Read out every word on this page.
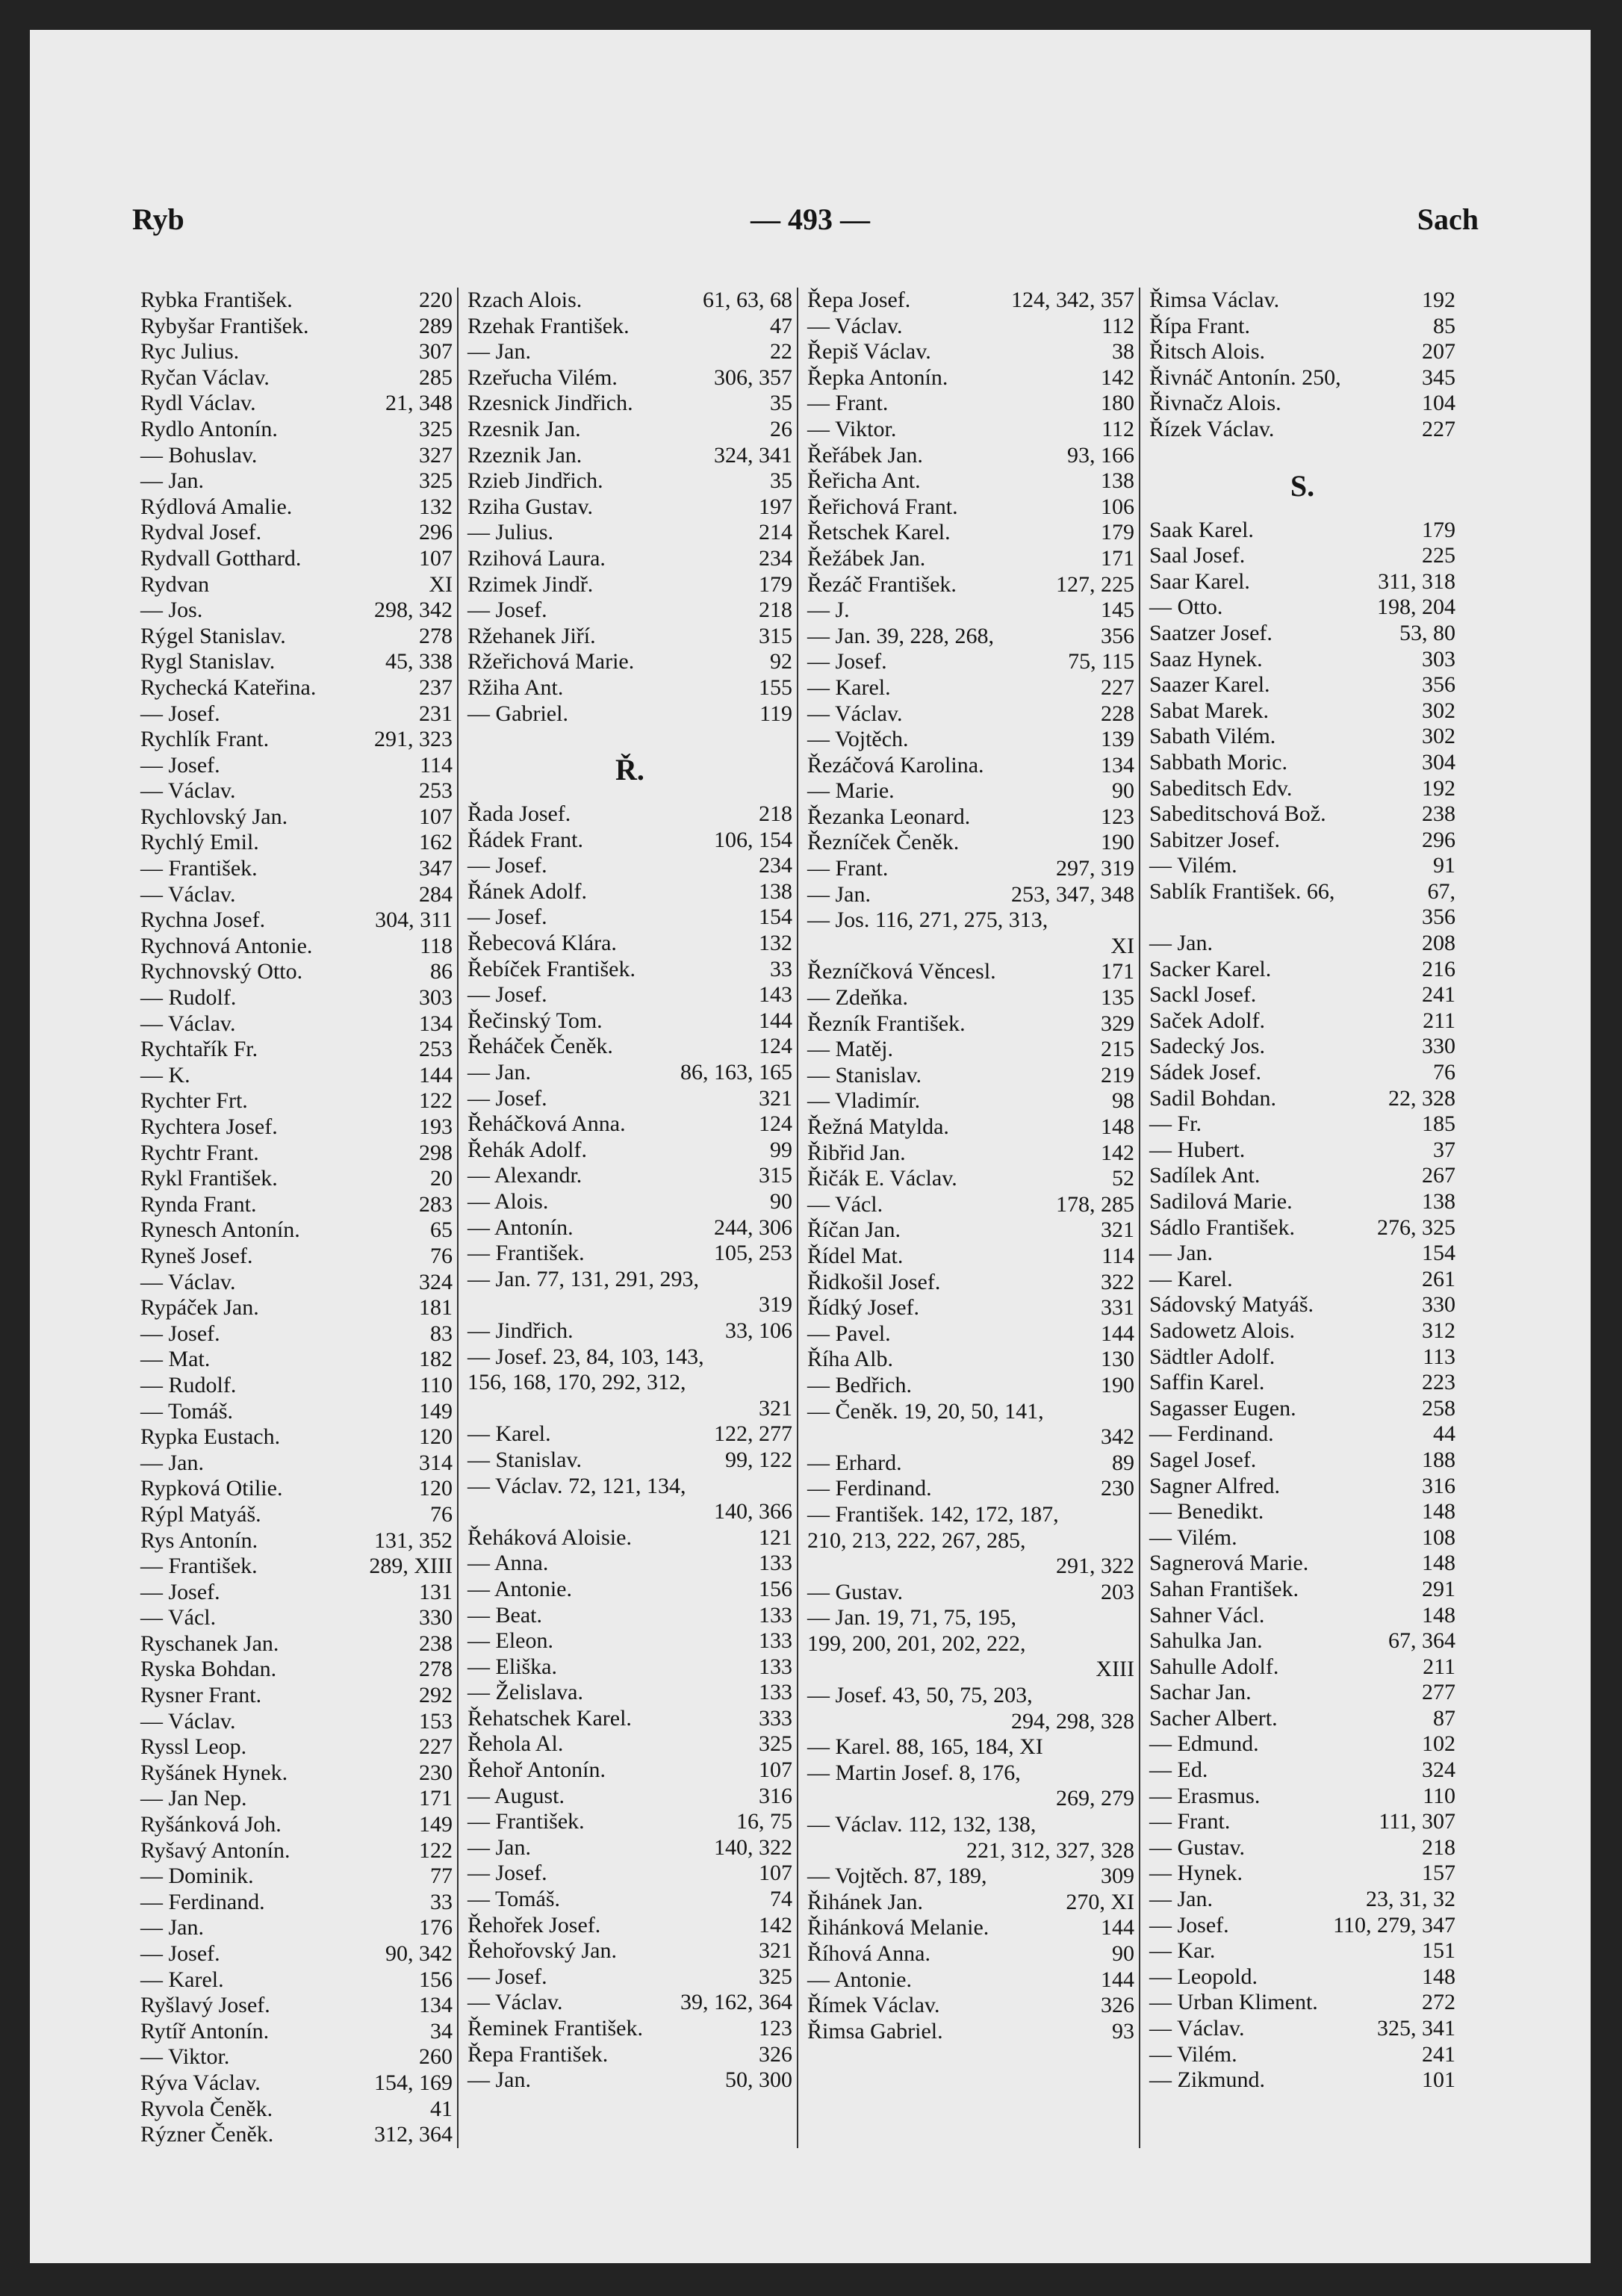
— 493 —
Ryb	Sach
Rybka František.	220
Rybyšar František.	289
Ryc Julius.	307
Ryčan Václav.	285
Rydl Václav.	21, 348
Rydlo Antonín.	325
— Bohuslav.	327
— Jan.	325
Rýdlová Amalie.	132
Rydval Josef.	296
Rydvall Gotthard.	107
Rydvan	XI
— Jos.	298, 342
Rýgel Stanislav.	278
Rygl Stanislav.	45, 338
Rychecká Kateřina.	237
— Josef.	231
Rychlík Frant.	291, 323
— Josef.	114
— Václav.	253
Rychlovský Jan.	107
Rychlý Emil.	162
— František.	347
— Václav.	284
Rychna Josef.	304, 311
Rychnová Antonie.	118
Rychnovský Otto.	86
— Rudolf.	303
— Václav.	134
Rychtařík Fr.	253
— K.	144
Rychter Frt.	122
Rychtera Josef.	193
Rychtr Frant.	298
Rykl František.	20
Rynda Frant.	283
Rynesch Antonín.	65
Ryneš Josef.	76
— Václav.	324
Rypáček Jan.	181
— Josef.	83
— Mat.	182
— Rudolf.	110
— Tomáš.	149
Rypka Eustach.	120
— Jan.	314
Rypková Otilie.	120
Rýpl Matyáš.	76
Rys Antonín.	131, 352
— František.	289, XIII
— Josef.	131
— Václ.	330
Ryschanek Jan.	238
Ryska Bohdan.	278
Rysner Frant.	292
— Václav.	153
Ryssl Leop.	227
Ryšánek Hynek.	230
— Jan Nep.	171
Ryšánková Joh.	149
Ryšavý Antonín.	122
— Dominik.	77
— Ferdinand.	33
— Jan.	176
— Josef.	90, 342
— Karel.	156
Ryšlavý Josef.	134
Rytíř Antonín.	34
— Viktor.	260
Rýva Václav.	154, 169
Ryvola Čeněk.	41
Rýzner Čeněk.	312, 364
Rzach Alois.	61, 63, 68
Rzehak František.	47
— Jan.	22
Rzeřucha Vilém.	306, 357
Rzesnick Jindřich.	35
Rzesnik Jan.	26
Rzeznik Jan.	324, 341
Rzieb Jindřich.	35
Rziha Gustav.	197
— Julius.	214
Rzihová Laura.	234
Rzimek Jindř.	179
— Josef.	218
Ržehanek Jiří.	315
Ržeřichová Marie.	92
Ržiha Ant.	155
— Gabriel.	119
Ř.
Řada Josef.	218
Řádek Frant.	106, 154
— Josef.	234
Řánek Adolf.	138
— Josef.	154
Řebecová Klára.	132
Řebíček František.	33
— Josef.	143
Řečinský Tom.	144
Řeháček Čeněk.	124
— Jan.	86, 163, 165
— Josef.	321
Řeháčková Anna.	124
Řehák Adolf.	99
— Alexandr.	315
— Alois.	90
— Antonín.	244, 306
— František.	105, 253
— Jan. 77, 131, 291, 293,
319
— Jindřich.	33, 106
— Josef. 23, 84, 103, 143,
156, 168, 170, 292, 312,
321
— Karel.	122, 277
— Stanislav.	99, 122
— Václav. 72, 121, 134,
140, 366
Řeháková Aloisie.	121
— Anna.	133
— Antonie.	156
— Beat.	133
— Eleon.	133
— Eliška.	133
— Želislava.	133
Řehatschek Karel.	333
Řehola Al.	325
Řehoř Antonín.	107
— August.	316
— František.	16, 75
— Jan.	140, 322
— Josef.	107
— Tomáš.	74
Řehořek Josef.	142
Řehořovský Jan.	321
— Josef.	325
— Václav.	39, 162, 364
Řeminek František.	123
Řepa František.	326
— Jan.	50, 300
Řepa Josef.	124, 342, 357
— Václav.	112
Řepiš Václav.	38
Řepka Antonín.	142
— Frant.	180
— Viktor.	112
Řeřábek Jan.	93, 166
Řeřicha Ant.	138
Řeřichová Frant.	106
Řetschek Karel.	179
Řežábek Jan.	171
Řezáč František.	127, 225
— J.	145
— Jan. 39, 228, 268,	356
— Josef.	75, 115
— Karel.	227
— Václav.	228
— Vojtěch.	139
Řezáčová Karolina.	134
— Marie.	90
Řezanka Leonard.	123
Řezníček Čeněk.	190
— Frant.	297, 319
— Jan.	253, 347, 348
— Jos. 116, 271, 275, 313,
XI
Řezníčková Věncesl.	171
— Zdeňka.	135
Řezník František.	329
— Matěj.	215
— Stanislav.	219
— Vladimír.	98
Řežná Matylda.	148
Řibřid Jan.	142
Řičák E. Václav.	52
— Václ.	178, 285
Říčan Jan.	321
Řídel Mat.	114
Řidkošil Josef.	322
Řídký Josef.	331
— Pavel.	144
Říha Alb.	130
— Bedřich.	190
— Čeněk. 19, 20, 50, 141,
342
— Erhard.	89
— Ferdinand.	230
— František. 142, 172, 187,
210, 213, 222, 267, 285,
291, 322
— Gustav.	203
— Jan. 19, 71, 75, 195,
199, 200, 201, 202, 222,
XIII
— Josef. 43, 50, 75, 203,
294, 298, 328
— Karel. 88, 165, 184, XI
— Martin Josef. 8, 176,
269, 279
— Václav. 112, 132, 138,
221, 312, 327, 328
— Vojtěch. 87, 189,	309
Řihánek Jan.	270, XI
Řihánková Melanie.	144
Říhová Anna.	90
— Antonie.	144
Římek Václav.	326
Řimsa Gabriel.	93
Řimsa Václav.	192
Řípa Frant.	85
Řitsch Alois.	207
Řivnáč Antonín. 250,	345
Řivnačz Alois.	104
Řízek Václav.	227
S.
Saak Karel.	179
Saal Josef.	225
Saar Karel.	311, 318
— Otto.	198, 204
Saatzer Josef.	53, 80
Saaz Hynek.	303
Saazer Karel.	356
Sabat Marek.	302
Sabath Vilém.	302
Sabbath Moric.	304
Sabeditsch Edv.	192
Sabeditschová Bož.	238
Sabitzer Josef.	296
— Vilém.	91
Sablík František. 66,	67,
356
— Jan.	208
Sacker Karel.	216
Sackl Josef.	241
Saček Adolf.	211
Sadecký Jos.	330
Sádek Josef.	76
Sadil Bohdan.	22, 328
— Fr.	185
— Hubert.	37
Sadílek Ant.	267
Sadilová Marie.	138
Sádlo František.	276, 325
— Jan.	154
— Karel.	261
Sádovský Matyáš.	330
Sadowetz Alois.	312
Sädtler Adolf.	113
Saffin Karel.	223
Sagasser Eugen.	258
— Ferdinand.	44
Sagel Josef.	188
Sagner Alfred.	316
— Benedikt.	148
— Vilém.	108
Sagnerová Marie.	148
Sahan František.	291
Sahner Václ.	148
Sahulka Jan.	67, 364
Sahulle Adolf.	211
Sachar Jan.	277
Sacher Albert.	87
— Edmund.	102
— Ed.	324
— Erasmus.	110
— Frant.	111, 307
— Gustav.	218
— Hynek.	157
— Jan.	23, 31, 32
— Josef.	110, 279, 347
— Kar.	151
— Leopold.	148
— Urban Kliment.	272
— Václav.	325, 341
— Vilém.	241
— Zikmund.	101
